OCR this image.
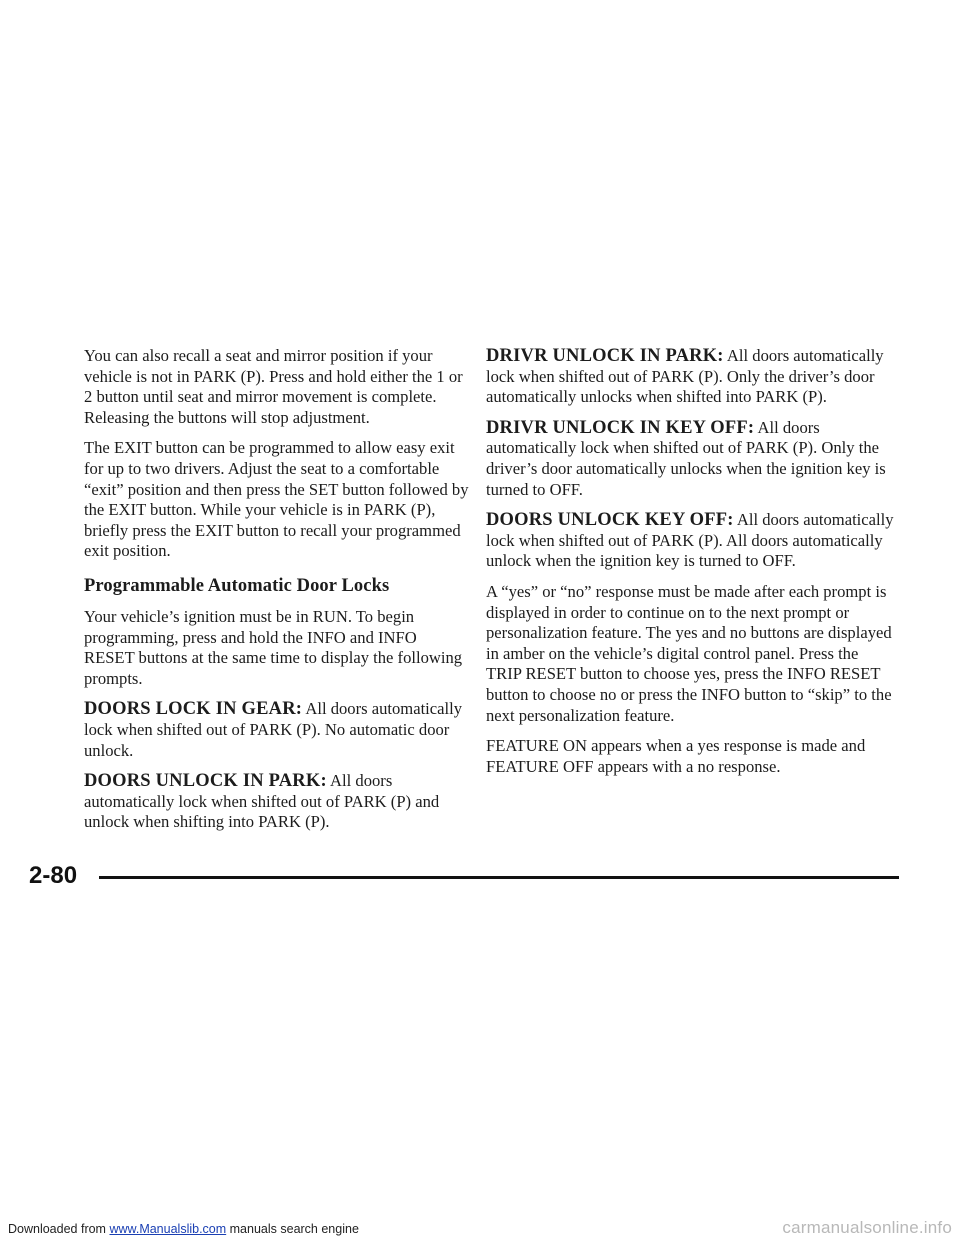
You can also recall a seat and mirror position if your vehicle is not in PARK (P). Press and hold either the 1 or 2 button until seat and mirror movement is complete. Releasing the buttons will stop adjustment.

The EXIT button can be programmed to allow easy exit for up to two drivers. Adjust the seat to a comfortable “exit” position and then press the SET button followed by the EXIT button. While your vehicle is in PARK (P), briefly press the EXIT button to recall your programmed exit position.

Programmable Automatic Door Locks

Your vehicle’s ignition must be in RUN. To begin programming, press and hold the INFO and INFO RESET buttons at the same time to display the following prompts.

DOORS LOCK IN GEAR: All doors automatically lock when shifted out of PARK (P). No automatic door unlock.

DOORS UNLOCK IN PARK: All doors automatically lock when shifted out of PARK (P) and unlock when shifting into PARK (P).

DRIVR UNLOCK IN PARK: All doors automatically lock when shifted out of PARK (P). Only the driver’s door automatically unlocks when shifted into PARK (P).

DRIVR UNLOCK IN KEY OFF: All doors automatically lock when shifted out of PARK (P). Only the driver’s door automatically unlocks when the ignition key is turned to OFF.

DOORS UNLOCK KEY OFF: All doors automatically lock when shifted out of PARK (P). All doors automatically unlock when the ignition key is turned to OFF.

A “yes” or “no” response must be made after each prompt is displayed in order to continue on to the next prompt or personalization feature. The yes and no buttons are displayed in amber on the vehicle’s digital control panel. Press the TRIP RESET button to choose yes, press the INFO RESET button to choose no or press the INFO button to “skip” to the next personalization feature.

FEATURE ON appears when a yes response is made and FEATURE OFF appears with a no response.

2-80
Downloaded from www.Manualslib.com manuals search engine	carmanualsonline.info
